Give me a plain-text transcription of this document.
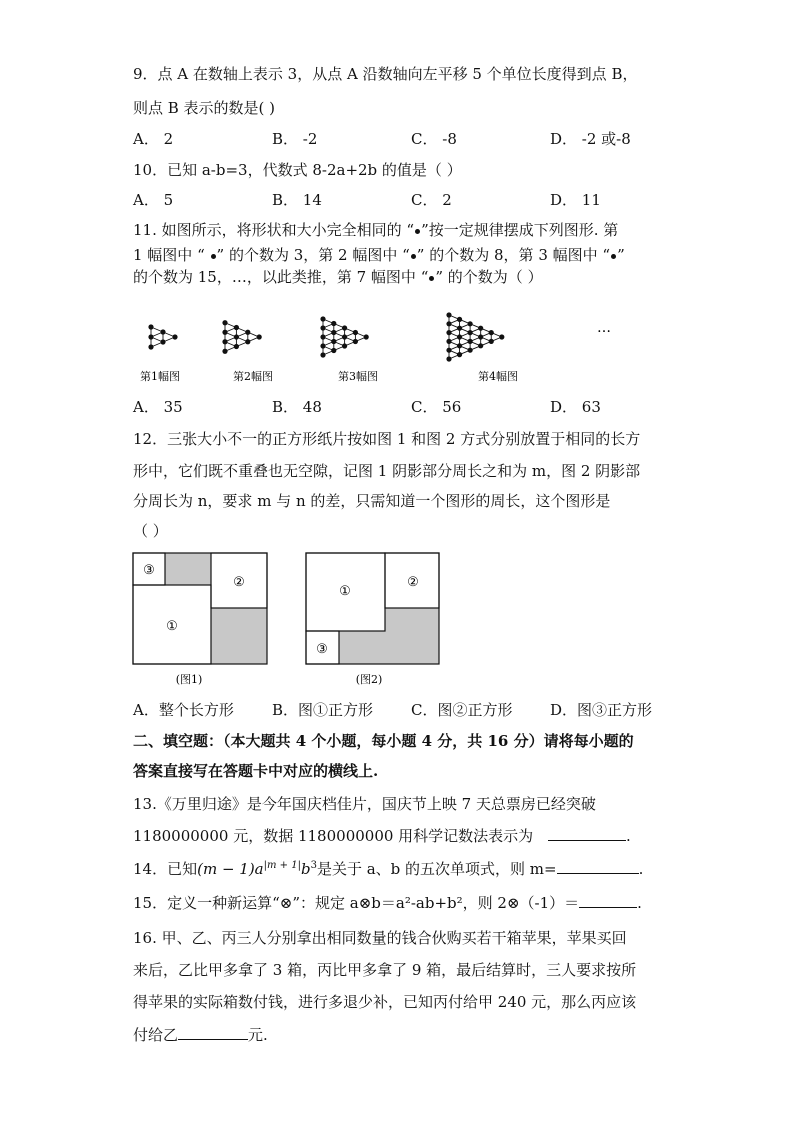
9．点 A 在数轴上表示 3，从点 A 沿数轴向左平移 5 个单位长度得到点 B，
则点 B 表示的数是( )
A． 2	B． -2	C． -8	D． -2 或-8
10．已知 a-b=3，代数式 8-2a+2b 的值是（ ）
A． 5	B． 14	C． 2	D． 11
11. 如图所示，将形状和大小完全相同的 “ ”按一定规律摆成下列图形. 第
1 幅图中 “ ” 的个数为 3，第 2 幅图中 “ ” 的个数为 8，第 3 幅图中 “ ”
的个数为 15，…，以此类推，第 7 幅图中 “ ” 的个数为（ ）
第1幅图	第2幅图	第3幅图	第4幅图
…
A． 35	B． 48	C． 56	D． 63
12．三张大小不一的正方形纸片按如图 1 和图 2 方式分别放置于相同的长方
形中，它们既不重叠也无空隙，记图 1 阴影部分周长之和为 m，图 2 阴影部
分周长为 n，要求 m 与 n 的差，只需知道一个图形的周长，这个图形是
（ ）
③
②
①
(图1)
①
②
③
(图2)
A．整个长方形	B．图①正方形	C．图②正方形	D．图③正方形
二、填空题：（本大题共 4 个小题，每小题 4 分，共 16 分）请将每小题的
答案直接写在答题卡中对应的横线上.
13.《万里归途》是今年国庆档佳片，国庆节上映 7 天总票房已经突破
1180000000 元，数据 1180000000 用科学记数法表示为	.
14．已知$(m - 1)a^{|m + 1|}b^3$是关于 a、b 的五次单项式，则 m=	.
15．定义一种新运算“⊗”：规定 a⊗b＝a²-ab+b²，则 2⊗（-1）＝	.
16. 甲、乙、丙三人分别拿出相同数量的钱合伙购买若干箱苹果，苹果买回
来后，乙比甲多拿了 3 箱，丙比甲多拿了 9 箱，最后结算时，三人要求按所
得苹果的实际箱数付钱，进行多退少补，已知丙付给甲 240 元，那么丙应该
付给乙	元.
